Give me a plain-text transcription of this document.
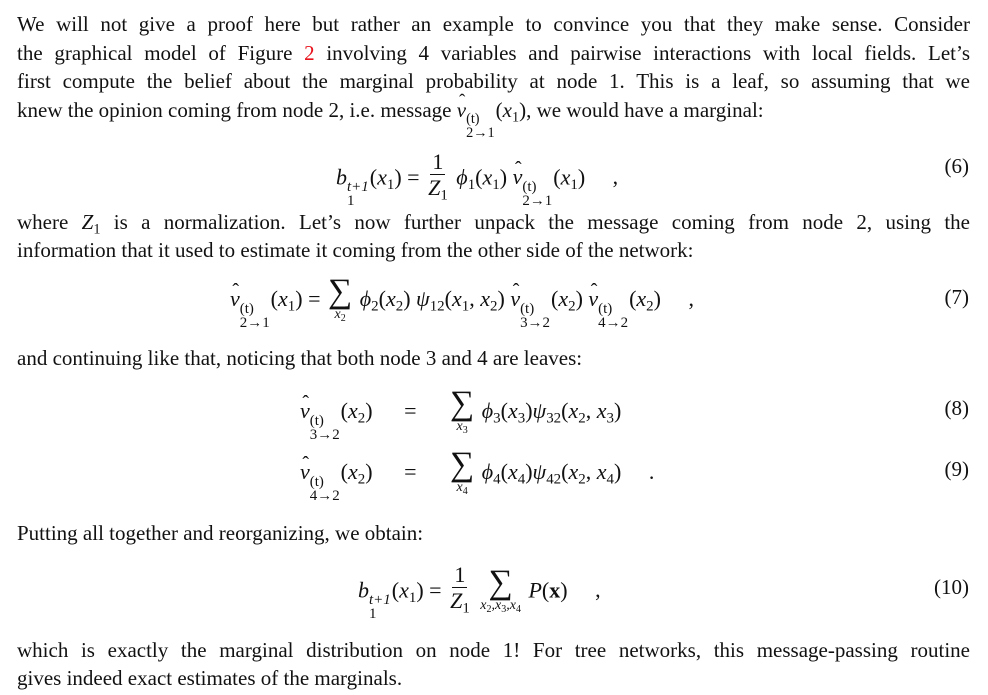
We will not give a proof here but rather an example to convince you that they make sense. Consider
the graphical model of Figure 2 involving 4 variables and pairwise interactions with local fields. Let’s
first compute the belief about the marginal probability at node 1. This is a leaf, so assuming that we
knew the opinion coming from node 2, i.e. message ˆ v (t)
2→1
$(x_1)$, we would have a marginal:
b t+1
1
$(x_1) = \frac{1}{Z_1} \phi_1(x_1)$ ˆ v (t)
2→1
$(x_1)$ ,	(6)
where $Z_1$ is a normalization. Let’s now further unpack the message coming from node 2, using the
information that it used to estimate it coming from the other side of the network:
ˆ v (t)
2→1
$(x_1)$ = ∑
$x_2$
$\phi_2(x_2)$ $\psi_{12}(x_1$, $x_2$) ˆ v (t)
3→2
$(x_2)$ ˆ v (t)
4→2
$(x_2)$ ,	(7)
and continuing like that, noticing that both node 3 and 4 are leaves:
ˆ v (t)
3→2
$(x_2)$ = ∑
$x_3$
$\phi_3(x_3)\psi_{32}(x_2$, $x_3$)	(8)
ˆ v (t)
4→2
$(x_2)$ = ∑
$x_4$
$\phi_4(x_4)\psi_{42}(x_2$, $x_4$) .	(9)
Putting all together and reorganizing, we obtain:
b t+1
1
$(x_1) = \frac{1}{Z_1}$
∑
$x_2,x_3,x_4$
P(x) ,	(10)
which is exactly the marginal distribution on node 1! For tree networks, this message-passing routine
gives indeed exact estimates of the marginals.
